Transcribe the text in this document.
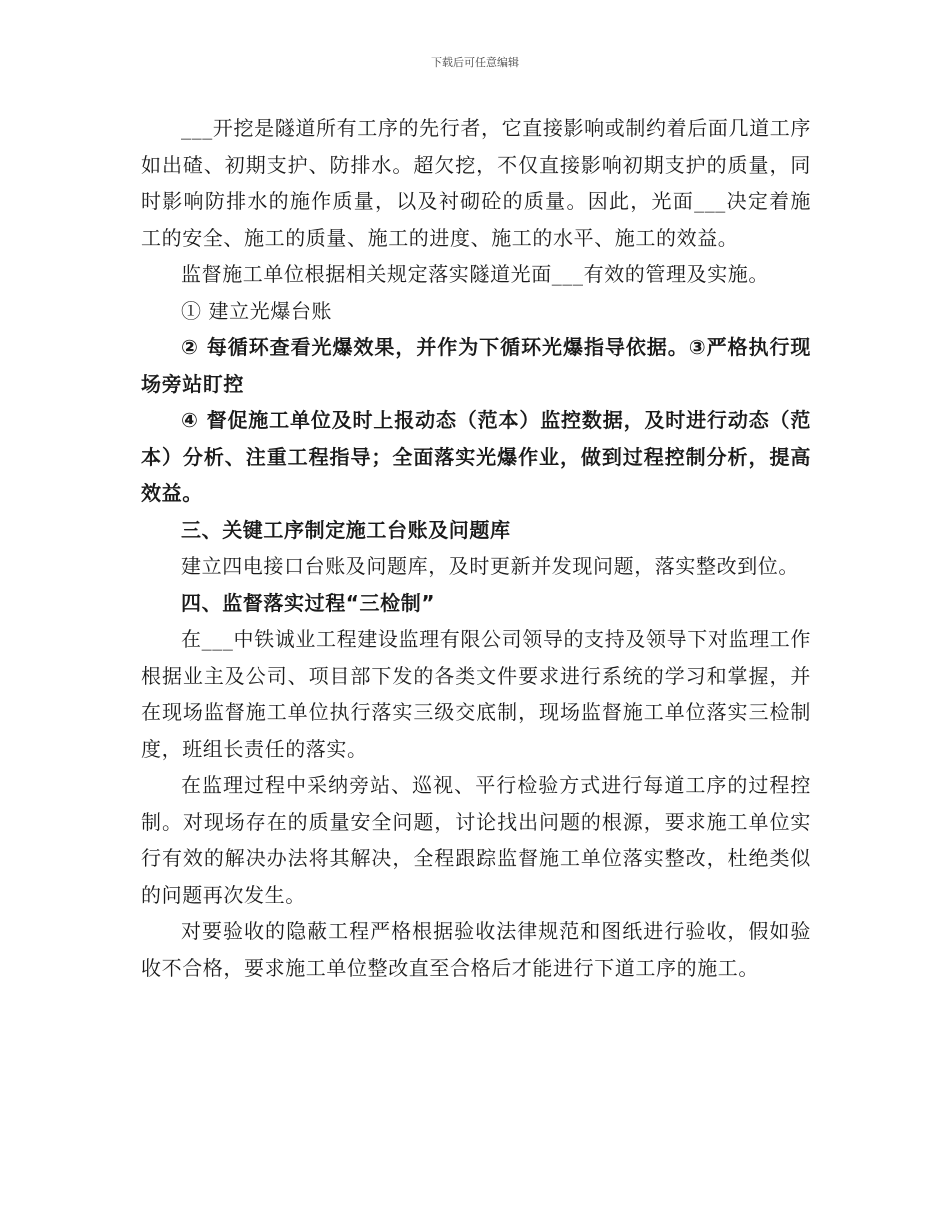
下载后可任意编辑

___开挖是隧道所有工序的先行者，它直接影响或制约着后面几道工序如出碴、初期支护、防排水。超欠挖，不仅直接影响初期支护的质量，同时影响防排水的施作质量，以及衬砌砼的质量。因此，光面___决定着施工的安全、施工的质量、施工的进度、施工的水平、施工的效益。

监督施工单位根据相关规定落实隧道光面___有效的管理及实施。

① 建立光爆台账

② 每循环查看光爆效果，并作为下循环光爆指导依据。③严格执行现场旁站盯控

④ 督促施工单位及时上报动态（范本）监控数据，及时进行动态（范本）分析、注重工程指导；全面落实光爆作业，做到过程控制分析，提高效益。

三、关键工序制定施工台账及问题库

建立四电接口台账及问题库，及时更新并发现问题，落实整改到位。

四、监督落实过程“三检制”

在___中铁诚业工程建设监理有限公司领导的支持及领导下对监理工作根据业主及公司、项目部下发的各类文件要求进行系统的学习和掌握，并在现场监督施工单位执行落实三级交底制，现场监督施工单位落实三检制度，班组长责任的落实。

在监理过程中采纳旁站、巡视、平行检验方式进行每道工序的过程控制。对现场存在的质量安全问题，讨论找出问题的根源，要求施工单位实行有效的解决办法将其解决，全程跟踪监督施工单位落实整改，杜绝类似的问题再次发生。

对要验收的隐蔽工程严格根据验收法律规范和图纸进行验收，假如验收不合格，要求施工单位整改直至合格后才能进行下道工序的施工。
